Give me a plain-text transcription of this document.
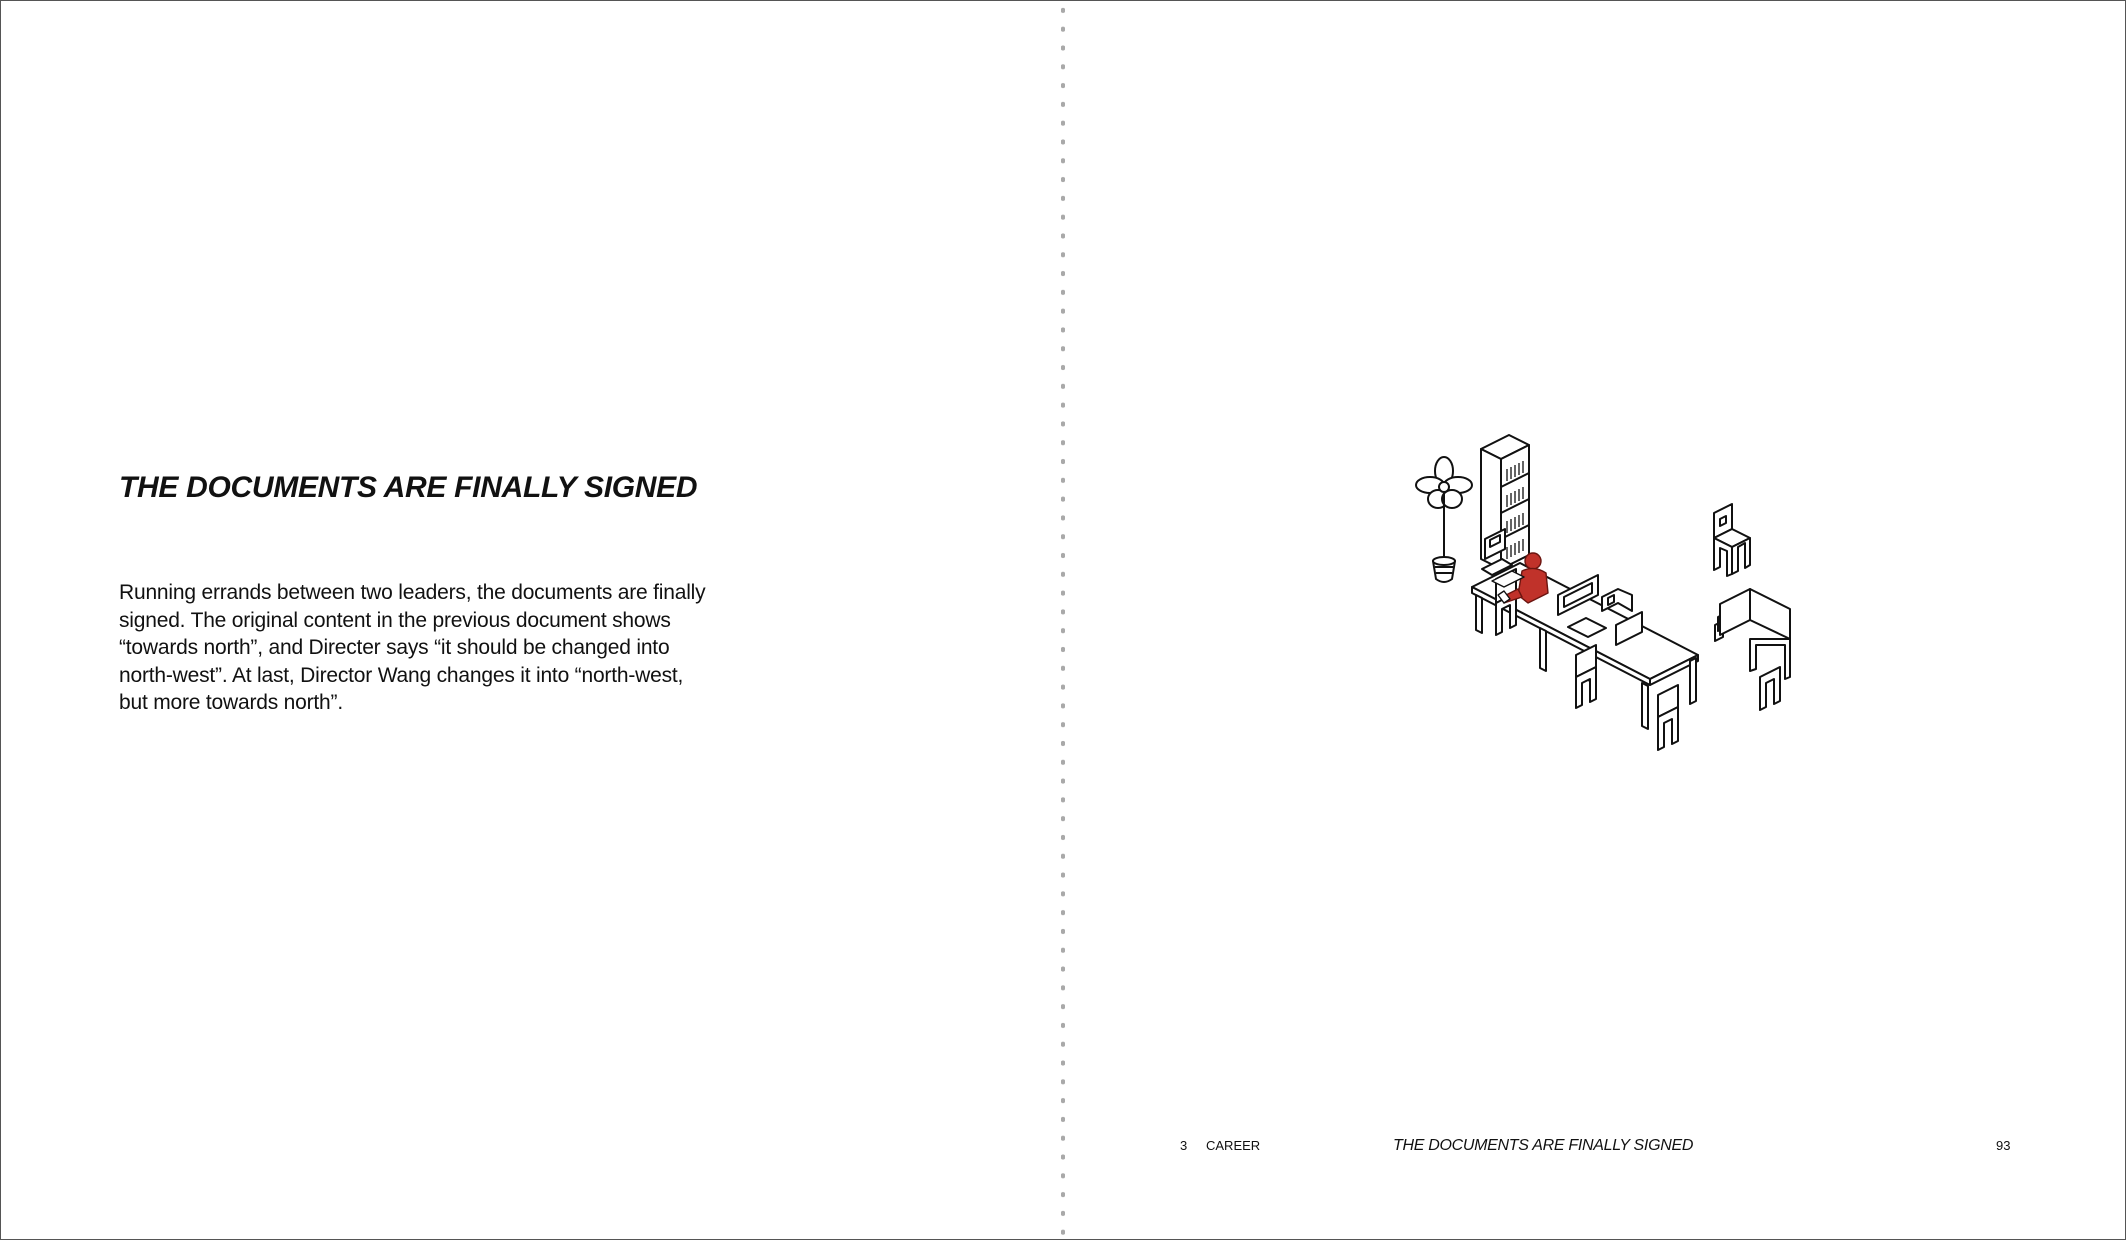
THE DOCUMENTS ARE FINALLY SIGNED

Running errands between two leaders, the documents are finally
signed. The original content in the previous document shows
“towards north”, and Directer says “it should be changed into
north-west”. At last, Director Wang changes it into “north-west,
but more towards north”.

3 CAREER	THE DOCUMENTS ARE FINALLY SIGNED	93
